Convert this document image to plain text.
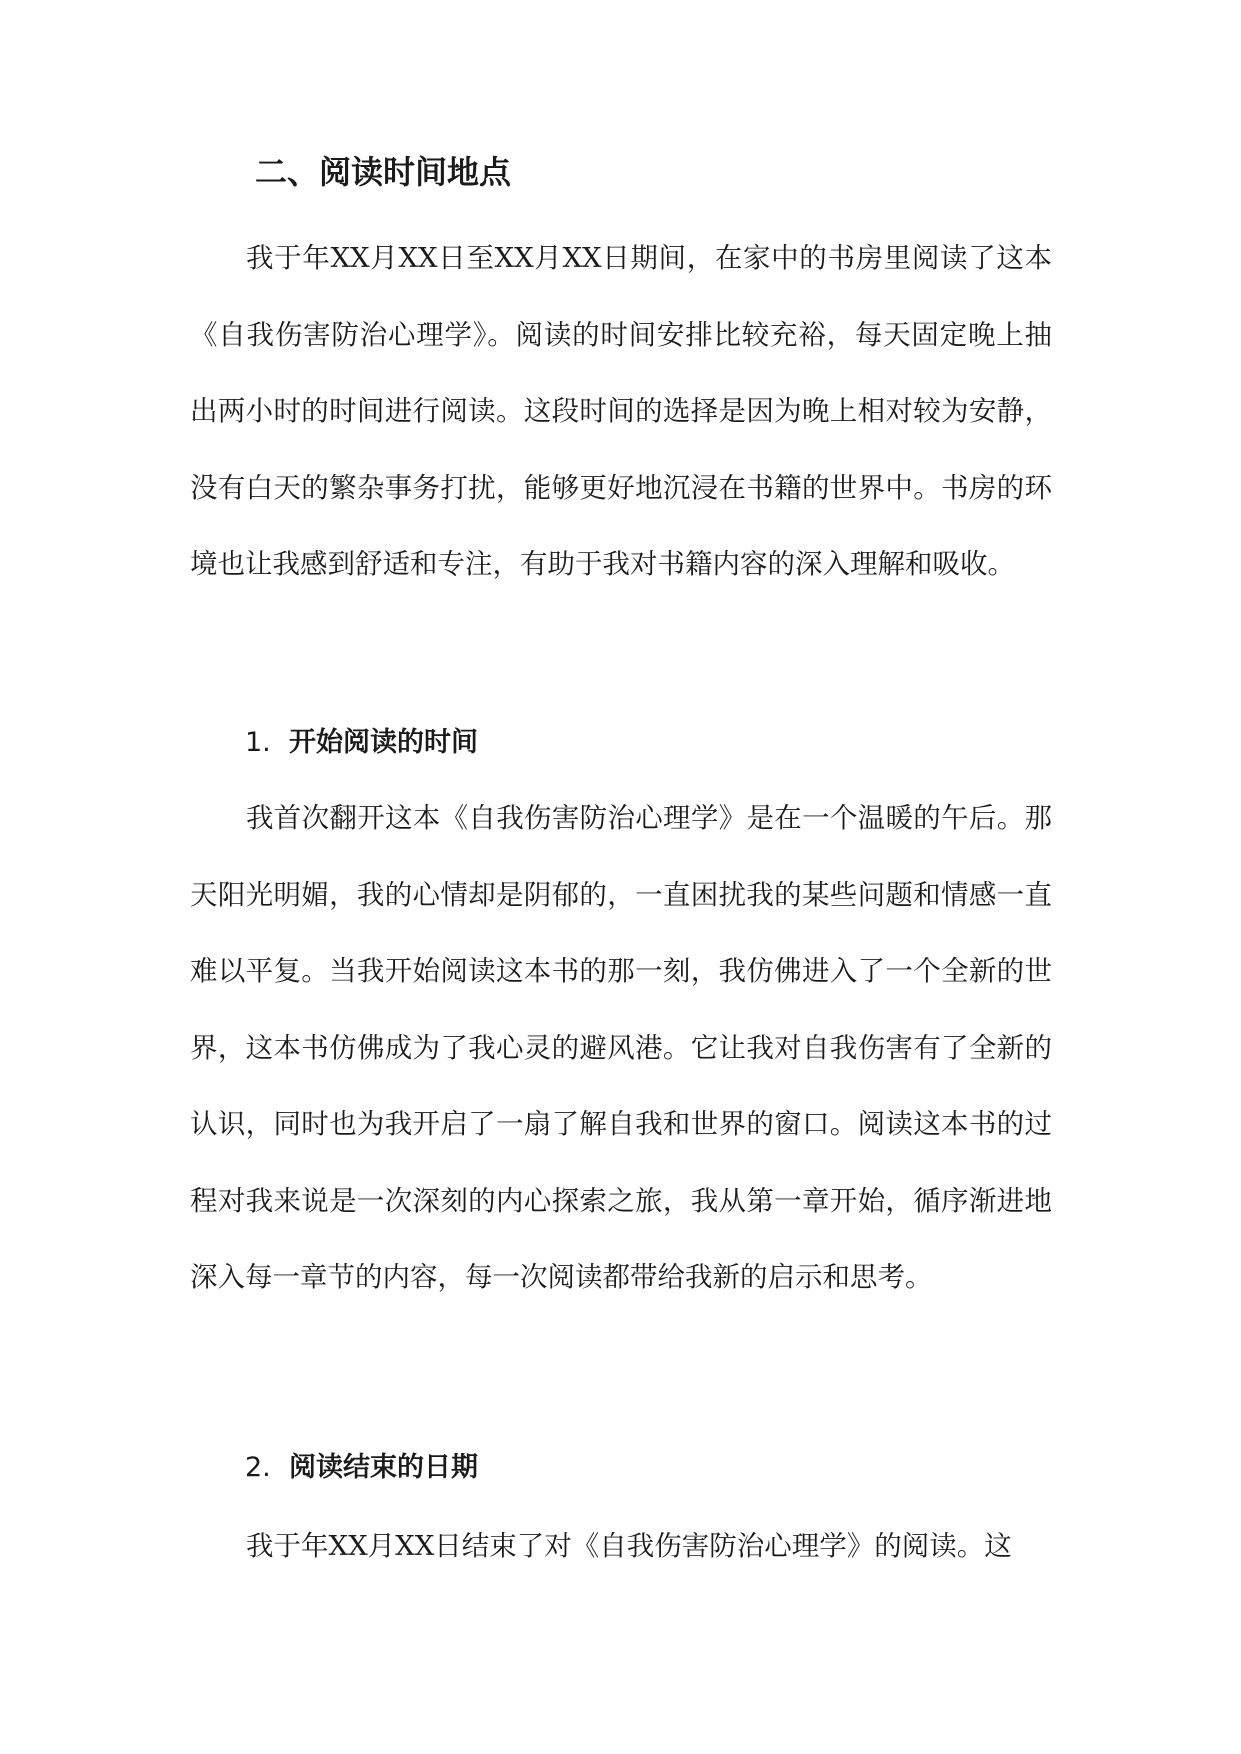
二、阅读时间地点

我于年XX月XX日至XX月XX日期间，在家中的书房里阅读了这本《自我伤害防治心理学》。阅读的时间安排比较充裕，每天固定晚上抽出两小时的时间进行阅读。这段时间的选择是因为晚上相对较为安静，没有白天的繁杂事务打扰，能够更好地沉浸在书籍的世界中。书房的环境也让我感到舒适和专注，有助于我对书籍内容的深入理解和吸收。

1. 开始阅读的时间

我首次翻开这本《自我伤害防治心理学》是在一个温暖的午后。那天阳光明媚，我的心情却是阴郁的，一直困扰我的某些问题和情感一直难以平复。当我开始阅读这本书的那一刻，我仿佛进入了一个全新的世界，这本书仿佛成为了我心灵的避风港。它让我对自我伤害有了全新的认识，同时也为我开启了一扇了解自我和世界的窗口。阅读这本书的过程对我来说是一次深刻的内心探索之旅，我从第一章开始，循序渐进地深入每一章节的内容，每一次阅读都带给我新的启示和思考。

2. 阅读结束的日期

我于年XX月XX日结束了对《自我伤害防治心理学》的阅读。这
